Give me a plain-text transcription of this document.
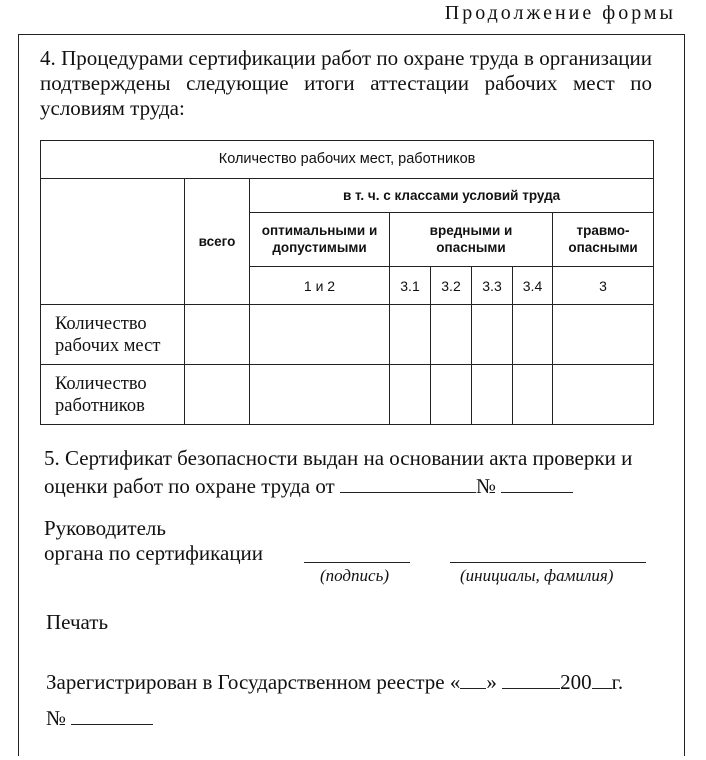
Продолжение формы
4. Процедурами сертификации работ по охране труда в организации подтверждены следующие итоги аттестации рабочих мест по условиям труда:
Количество рабочих мест, работников							
	всего	в т. ч. с классами условий труда					
		оптимальными и допустимыми	вредными и опасными				травмо-опасными
		1 и 2	3.1	3.2	3.3	3.4	3
Количество рабочих мест							
Количество работников							
5. Сертификат безопасности выдан на основании акта проверки и оценки работ по охране труда от	№
Руководитель
органа по сертификации
(подпись)	(инициалы, фамилия)
Печать
Зарегистрирован в Государственном реестре « »	200 г.
№
